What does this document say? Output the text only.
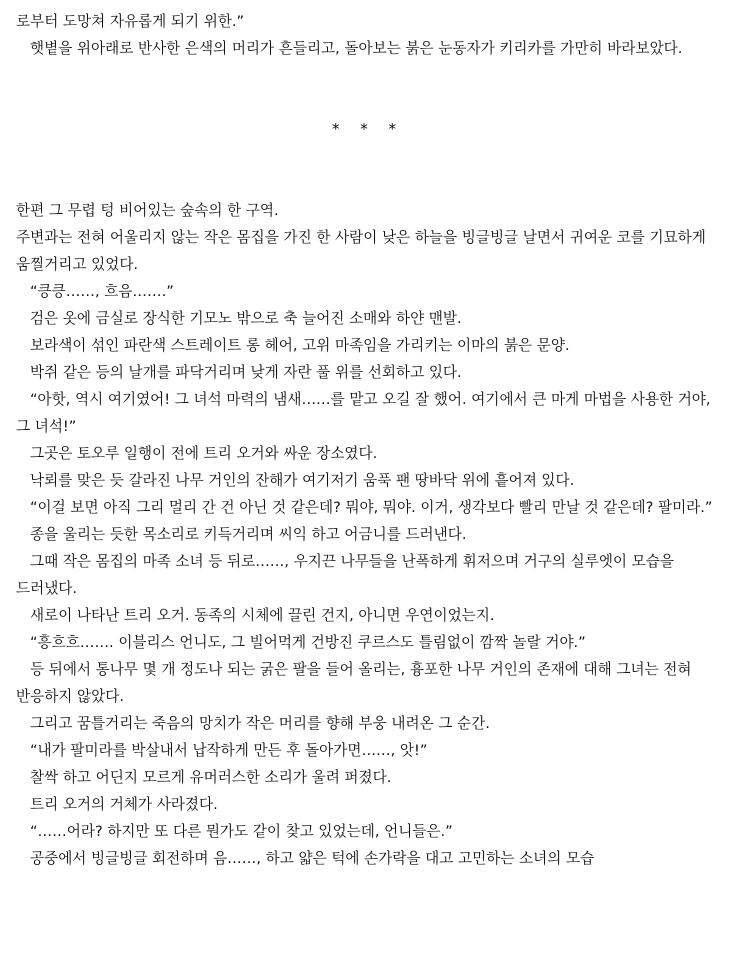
로부터 도망쳐 자유롭게 되기 위한.”

햇볕을 위아래로 반사한 은색의 머리가 흔들리고, 돌아보는 붉은 눈동자가 키리카를 가만히 바라보았다.

* * *

한편 그 무렵 텅 비어있는 숲속의 한 구역.

주변과는 전혀 어울리지 않는 작은 몸집을 가진 한 사람이 낮은 하늘을 빙글빙글 날면서 귀여운 코를 기묘하게 움찔거리고 있었다.

“킁킁……, 흐음…….”

검은 옷에 금실로 장식한 기모노 밖으로 축 늘어진 소매와 하얀 맨발.

보라색이 섞인 파란색 스트레이트 롱 헤어, 고위 마족임을 가리키는 이마의 붉은 문양.

박쥐 같은 등의 날개를 파닥거리며 낮게 자란 풀 위를 선회하고 있다.

“아핫, 역시 여기였어! 그 녀석 마력의 냄새……를 맡고 오길 잘 했어. 여기에서 큰 마게 마법을 사용한 거야, 그 녀석!”

그곳은 토오루 일행이 전에 트리 오거와 싸운 장소였다.

낙뢰를 맞은 듯 갈라진 나무 거인의 잔해가 여기저기 움푹 팬 땅바닥 위에 흩어져 있다.

“이걸 보면 아직 그리 멀리 간 건 아닌 것 같은데? 뭐야, 뭐야. 이거, 생각보다 빨리 만날 것 같은데? 팔미라.”

종을 울리는 듯한 목소리로 키득거리며 씨익 하고 어금니를 드러낸다.

그때 작은 몸집의 마족 소녀 등 뒤로……, 우지끈 나무들을 난폭하게 휘저으며 거구의 실루엣이 모습을 드러냈다.

새로이 나타난 트리 오거. 동족의 시체에 끌린 건지, 아니면 우연이었는지.

“흥흐흐……. 이블리스 언니도, 그 빌어먹게 건방진 쿠르스도 틀림없이 깜짝 놀랄 거야.”

등 뒤에서 통나무 몇 개 정도나 되는 굵은 팔을 들어 올리는, 흉포한 나무 거인의 존재에 대해 그녀는 전혀 반응하지 않았다.

그리고 꿈틀거리는 죽음의 망치가 작은 머리를 향해 부웅 내려온 그 순간.

“내가 팔미라를 박살내서 납작하게 만든 후 돌아가면……, 앗!”

찰싹 하고 어딘지 모르게 유머러스한 소리가 울려 퍼졌다.

트리 오거의 거체가 사라졌다.

“……어라? 하지만 또 다른 뭔가도 같이 찾고 있었는데, 언니들은.”

공중에서 빙글빙글 회전하며 음……, 하고 얇은 턱에 손가락을 대고 고민하는 소녀의 모습
